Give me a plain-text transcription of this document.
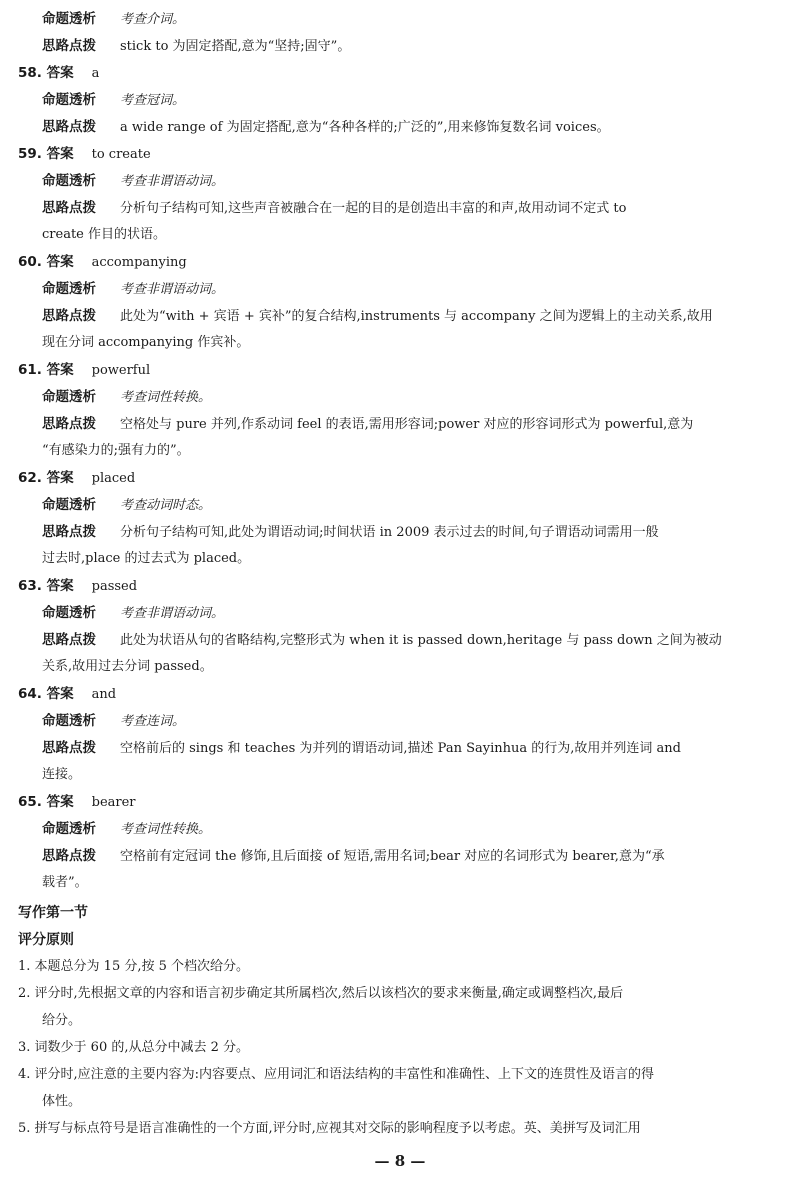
命题透析 考查介词。
思路点拨 stick to 为固定搭配,意为“坚持;固守”。
58. 答案 a
命题透析 考查冠词。
思路点拨 a wide range of 为固定搭配,意为“各种各样的;广泛的”,用来修饰复数名词 voices。
59. 答案 to create
命题透析 考查非谓语动词。
思路点拨 分析句子结构可知,这些声音被融合在一起的目的是创造出丰富的和声,故用动词不定式 to
create 作目的状语。
60. 答案 accompanying
命题透析 考查非谓语动词。
思路点拨 此处为“with + 宾语 + 宾补”的复合结构,instruments 与 accompany 之间为逻辑上的主动关系,故用
现在分词 accompanying 作宾补。
61. 答案 powerful
命题透析 考查词性转换。
思路点拨 空格处与 pure 并列,作系动词 feel 的表语,需用形容词;power 对应的形容词形式为 powerful,意为
“有感染力的;强有力的”。
62. 答案 placed
命题透析 考查动词时态。
思路点拨 分析句子结构可知,此处为谓语动词;时间状语 in 2009 表示过去的时间,句子谓语动词需用一般
过去时,place 的过去式为 placed。
63. 答案 passed
命题透析 考查非谓语动词。
思路点拨 此处为状语从句的省略结构,完整形式为 when it is passed down,heritage 与 pass down 之间为被动
关系,故用过去分词 passed。
64. 答案 and
命题透析 考查连词。
思路点拨 空格前后的 sings 和 teaches 为并列的谓语动词,描述 Pan Sayinhua 的行为,故用并列连词 and
连接。
65. 答案 bearer
命题透析 考查词性转换。
思路点拨 空格前有定冠词 the 修饰,且后面接 of 短语,需用名词;bear 对应的名词形式为 bearer,意为“承
载者”。
写作第一节
评分原则
1. 本题总分为 15 分,按 5 个档次给分。
2. 评分时,先根据文章的内容和语言初步确定其所属档次,然后以该档次的要求来衡量,确定或调整档次,最后
给分。
3. 词数少于 60 的,从总分中减去 2 分。
4. 评分时,应注意的主要内容为:内容要点、应用词汇和语法结构的丰富性和准确性、上下文的连贯性及语言的得
体性。
5. 拼写与标点符号是语言准确性的一个方面,评分时,应视其对交际的影响程度予以考虑。英、美拼写及词汇用
— 8 —
